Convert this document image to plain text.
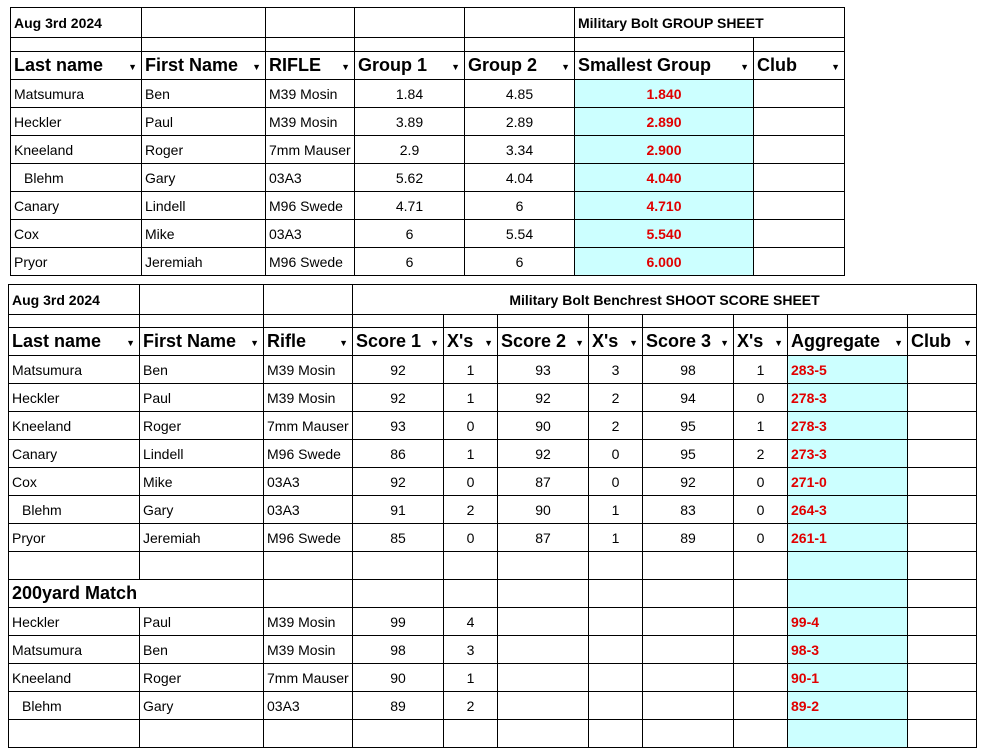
Aug 3rd 2024					Military Bolt GROUP SHEET	

Last name ▼	First Name ▼	RIFLE ▼	Group 1 ▼	Group 2 ▼	Smallest Group ▼	Club ▼

Matsumura	Ben	M39 Mosin	1.84	4.85	1.840	
Heckler	Paul	M39 Mosin	3.89	2.89	2.890	
Kneeland	Roger	7mm Mauser	2.9	3.34	2.900	
Blehm	Gary	03A3	5.62	4.04	4.040	
Canary	Lindell	M96 Swede	4.71	6	4.710	
Cox	Mike	03A3	6	5.54	5.540	
Pryor	Jeremiah	M96 Swede	6	6	6.000	
Aug 3rd 2024			Military Bolt Benchrest SHOOT SCORE SHEET							

Last name ▼	First Name ▼	Rifle ▼	Score 1 ▼	X's ▼	Score 2 ▼	X's ▼	Score 3 ▼	X's ▼	Aggregate ▼	Club ▼

Matsumura	Ben	M39 Mosin	92	1	93	3	98	1	283-5	
Heckler	Paul	M39 Mosin	92	1	92	2	94	0	278-3	
Kneeland	Roger	7mm Mauser	93	0	90	2	95	1	278-3	
Canary	Lindell	M96 Swede	86	1	92	0	95	2	273-3	
Cox	Mike	03A3	92	0	87	0	92	0	271-0	
Blehm	Gary	03A3	91	2	90	1	83	0	264-3	
Pryor	Jeremiah	M96 Swede	85	0	87	1	89	0	261-1	

200yard Match										
Heckler	Paul	M39 Mosin	99	4					99-4	
Matsumura	Ben	M39 Mosin	98	3					98-3	
Kneeland	Roger	7mm Mauser	90	1					90-1	
Blehm	Gary	03A3	89	2					89-2	
